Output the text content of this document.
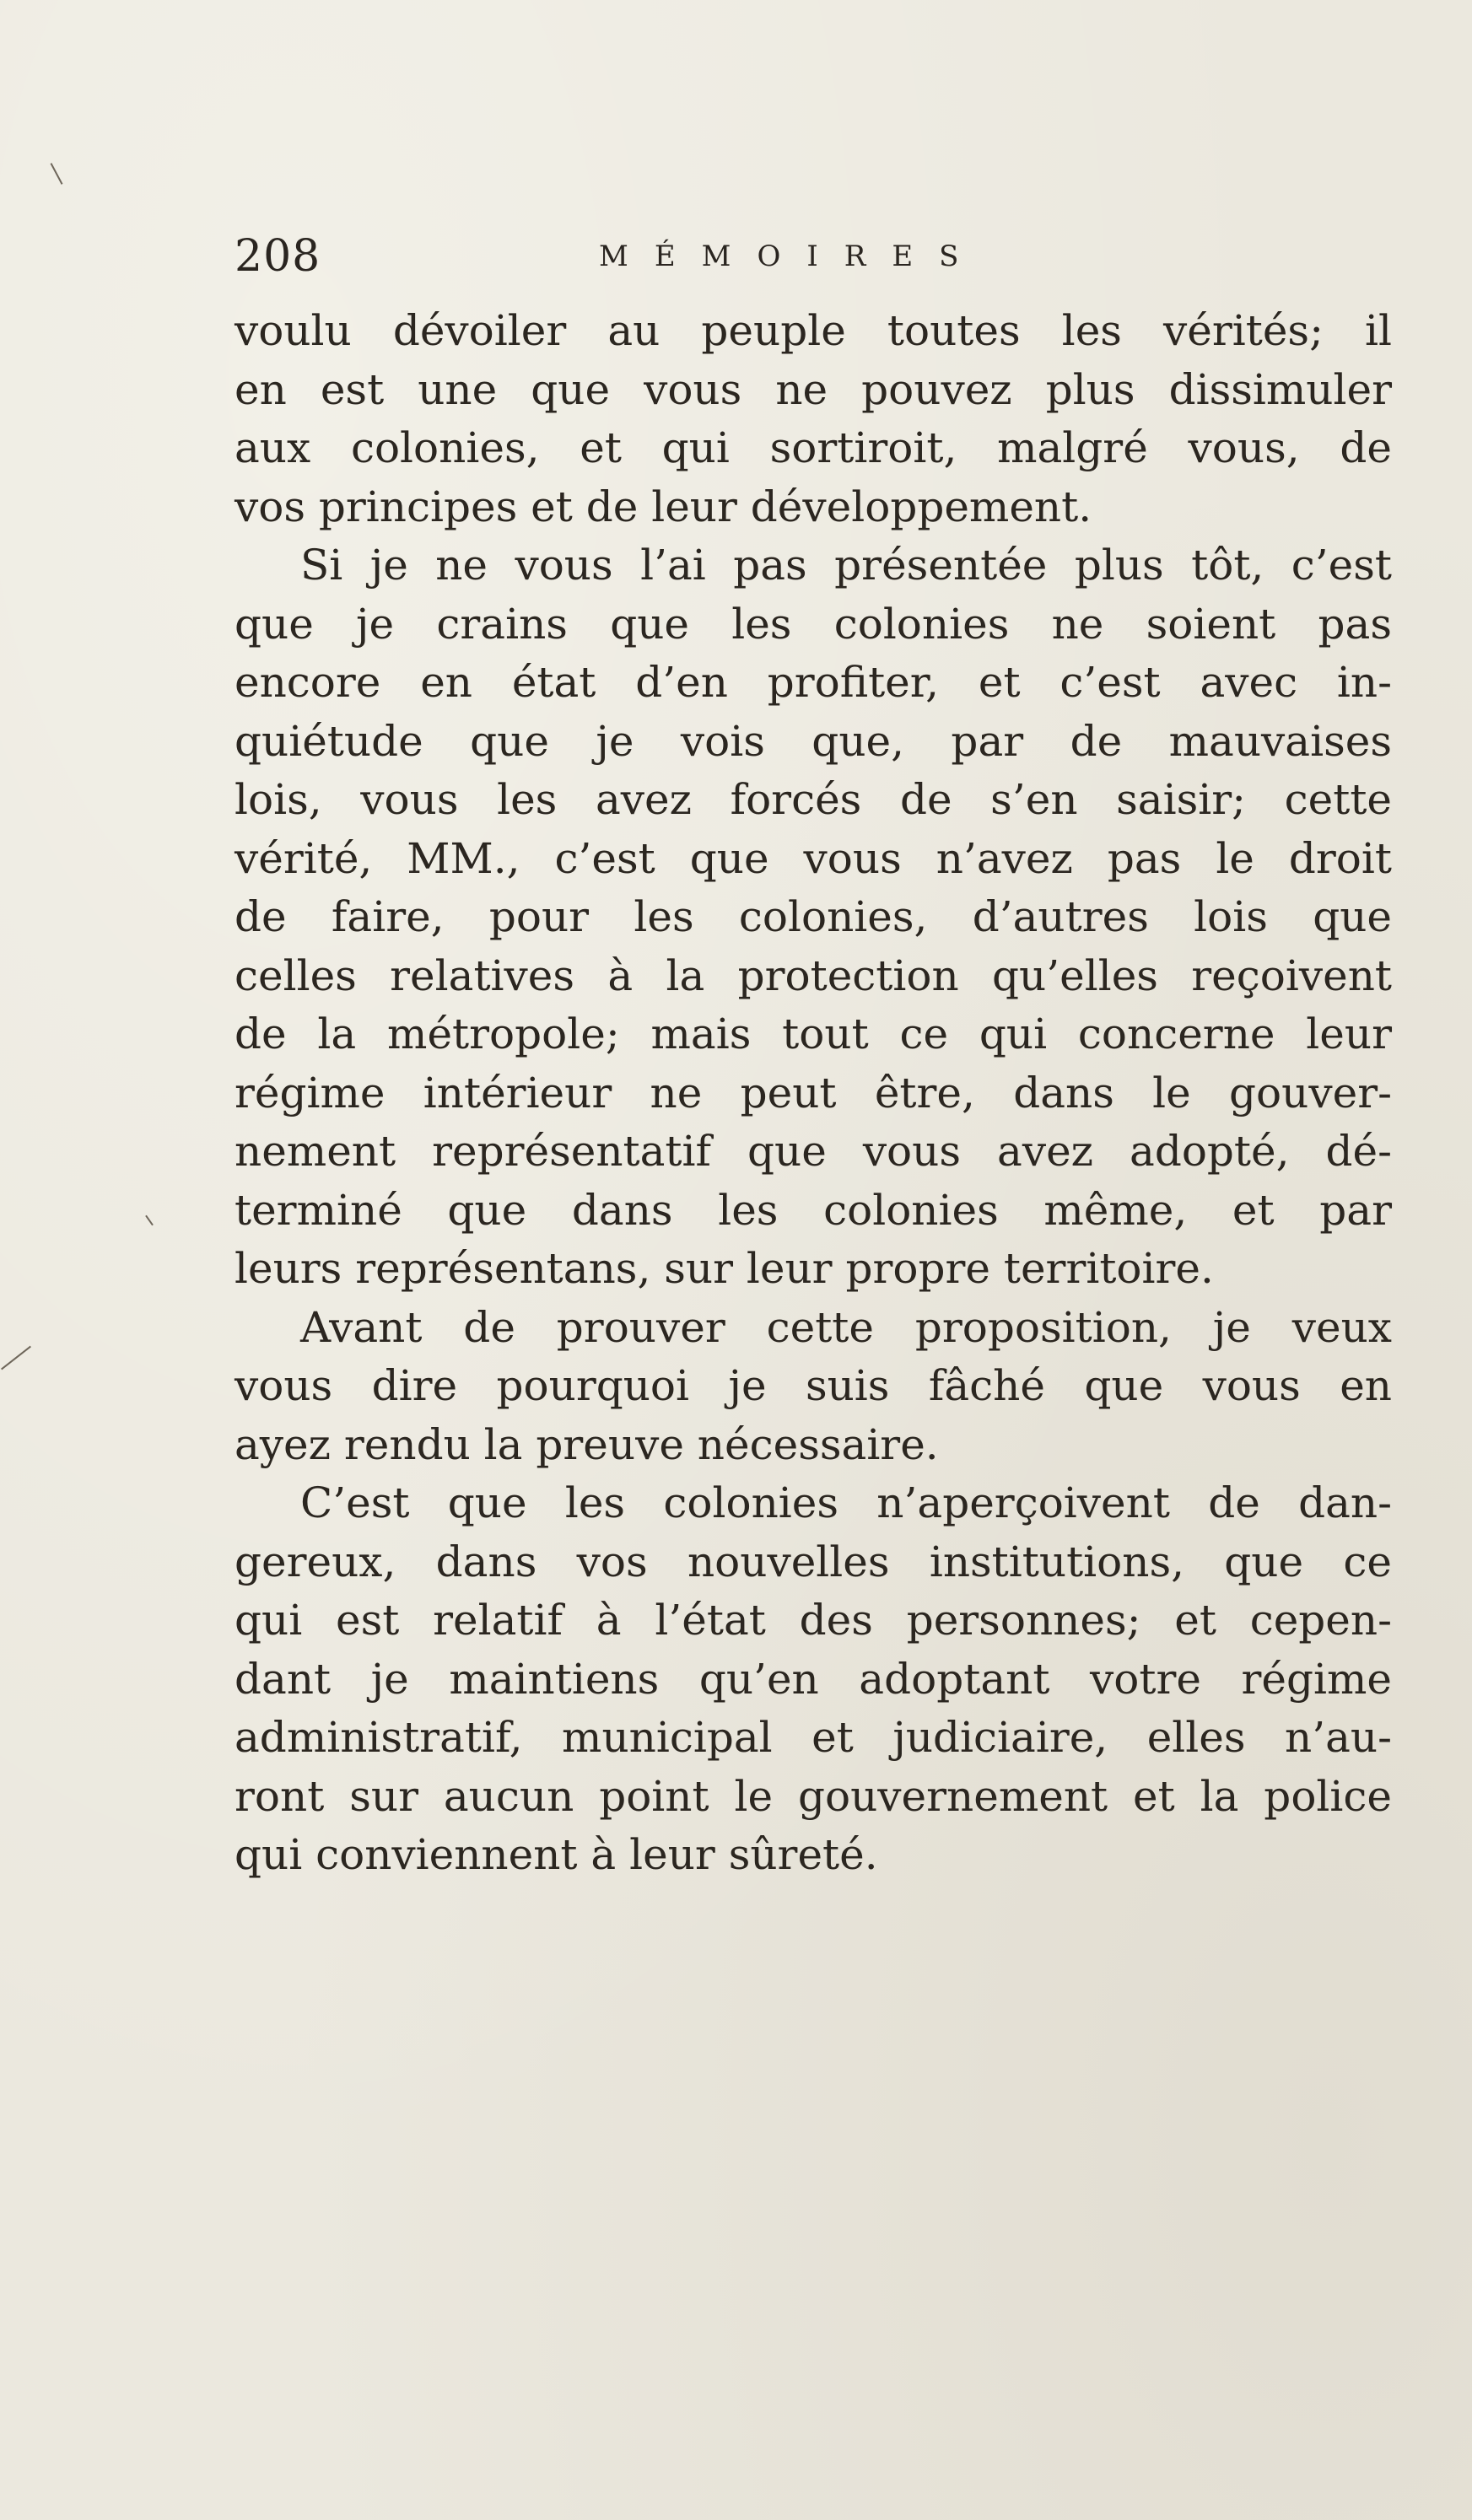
208	MÉMOIRES
voulu dévoiler au peuple toutes les vérités; il
en est une que vous ne pouvez plus dissimuler
aux colonies, et qui sortiroit, malgré vous, de
vos principes et de leur développement.
Si je ne vous l’ai pas présentée plus tôt, c’est
que je crains que les colonies ne soient pas
encore en état d’en profiter, et c’est avec in-
quiétude que je vois que, par de mauvaises
lois, vous les avez forcés de s’en saisir; cette
vérité, MM., c’est que vous n’avez pas le droit
de faire, pour les colonies, d’autres lois que
celles relatives à la protection qu’elles reçoivent
de la métropole; mais tout ce qui concerne leur
régime intérieur ne peut être, dans le gouver-
nement représentatif que vous avez adopté, dé-
terminé que dans les colonies même, et par
leurs représentans, sur leur propre territoire.
Avant de prouver cette proposition, je veux
vous dire pourquoi je suis fâché que vous en
ayez rendu la preuve nécessaire.
C’est que les colonies n’aperçoivent de dan-
gereux, dans vos nouvelles institutions, que ce
qui est relatif à l’état des personnes; et cepen-
dant je maintiens qu’en adoptant votre régime
administratif, municipal et judiciaire, elles n’au-
ront sur aucun point le gouvernement et la police
qui conviennent à leur sûreté.
